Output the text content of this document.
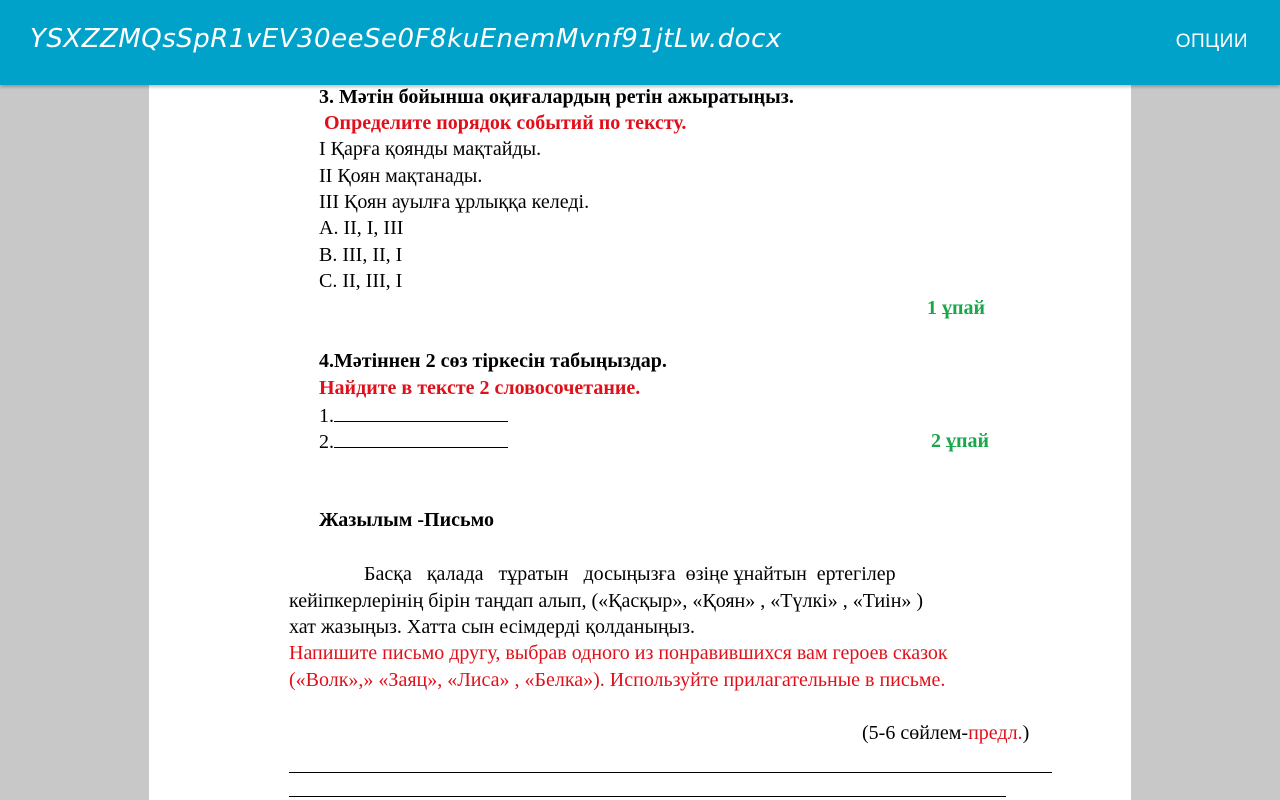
YSXZZMQsSpR1vEV30eeSe0F8kuEnemMvnf91jtLw.docx	ОПЦИИ
3. Мәтін бойынша оқиғалардың ретін ажыратыңыз.
Определите порядок событий по тексту.
I Қарға қоянды мақтайды.
II Қоян мақтанады.
III Қоян ауылға ұрлыққа келеді.
A. II, I, III
B. III, II, I
C. II, III, I
1 ұпай
4.Мәтіннен 2 сөз тіркесін табыңыздар.
Найдите в тексте 2 словосочетание.
1.
2.	2 ұпай
Жазылым -Письмо
Басқа   қалада   тұратын   досыңызға  өзіңе ұнайтын  ертегілер
кейіпкерлерінің бірін таңдап алып, («Қасқыр», «Қоян» , «Түлкі» , «Тиін» )
хат жазыңыз. Хатта сын есімдерді қолданыңыз.
Напишите письмо другу, выбрав одного из понравившихся вам героев сказок
(«Волк»,» «Заяц», «Лиса» , «Белка»). Используйте прилагательные в письме.
(5-6 сөйлем-предл.)
